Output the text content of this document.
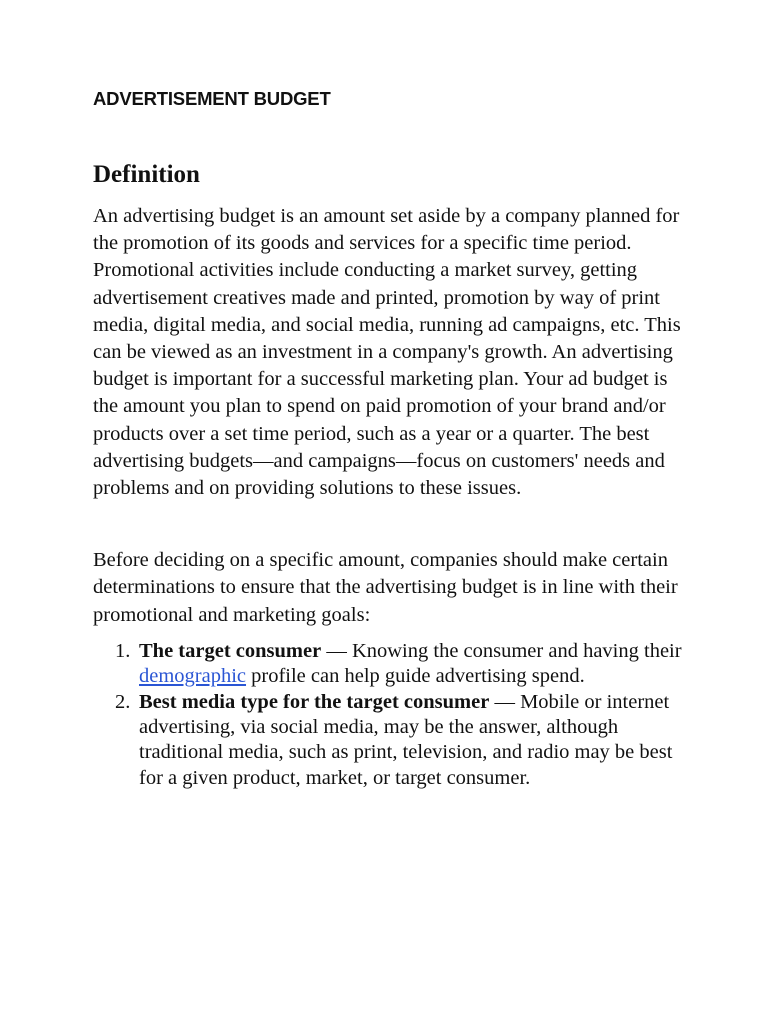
ADVERTISEMENT BUDGET
Definition

An advertising budget is an amount set aside by a company planned for the promotion of its goods and services for a specific time period. Promotional activities include conducting a market survey, getting advertisement creatives made and printed, promotion by way of print media, digital media, and social media, running ad campaigns, etc. This can be viewed as an investment in a company's growth. An advertising budget is important for a successful marketing plan. Your ad budget is the amount you plan to spend on paid promotion of your brand and/or products over a set time period, such as a year or a quarter. The best advertising budgets—and campaigns—focus on customers' needs and problems and on providing solutions to these issues.

Before deciding on a specific amount, companies should make certain determinations to ensure that the advertising budget is in line with their promotional and marketing goals:

1. The target consumer — Knowing the consumer and having their demographic profile can help guide advertising spend.
2. Best media type for the target consumer — Mobile or internet advertising, via social media, may be the answer, although traditional media, such as print, television, and radio may be best for a given product, market, or target consumer.
